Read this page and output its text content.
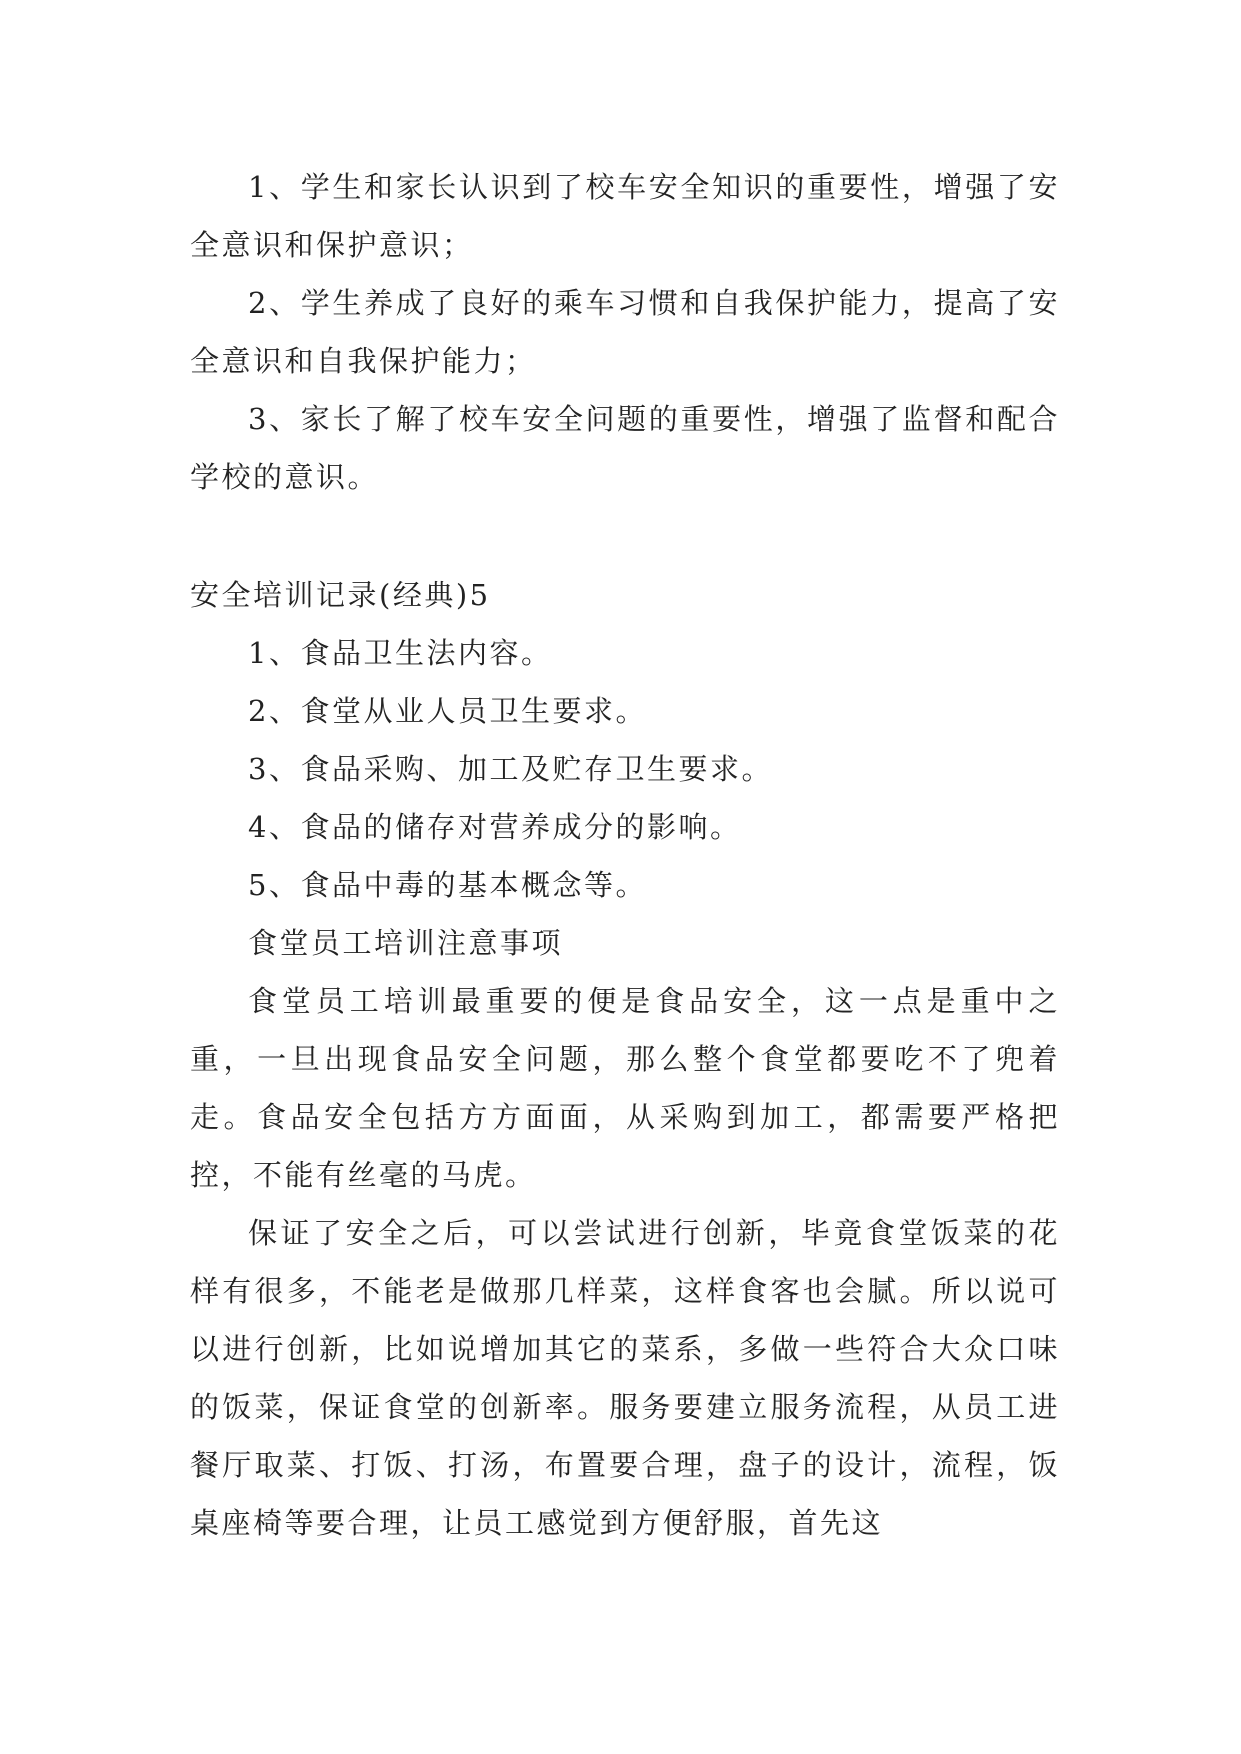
1、学生和家长认识到了校车安全知识的重要性，增强了安全意识和保护意识；

2、学生养成了良好的乘车习惯和自我保护能力，提高了安全意识和自我保护能力；

3、家长了解了校车安全问题的重要性，增强了监督和配合学校的意识。

安全培训记录(经典)5

1、食品卫生法内容。

2、食堂从业人员卫生要求。

3、食品采购、加工及贮存卫生要求。

4、食品的储存对营养成分的影响。

5、食品中毒的基本概念等。

食堂员工培训注意事项

食堂员工培训最重要的便是食品安全，这一点是重中之重，一旦出现食品安全问题，那么整个食堂都要吃不了兜着走。食品安全包括方方面面，从采购到加工，都需要严格把控，不能有丝毫的马虎。

保证了安全之后，可以尝试进行创新，毕竟食堂饭菜的花样有很多，不能老是做那几样菜，这样食客也会腻。所以说可以进行创新，比如说增加其它的菜系，多做一些符合大众口味的饭菜，保证食堂的创新率。服务要建立服务流程，从员工进餐厅取菜、打饭、打汤，布置要合理，盘子的设计，流程，饭桌座椅等要合理，让员工感觉到方便舒服，首先这
